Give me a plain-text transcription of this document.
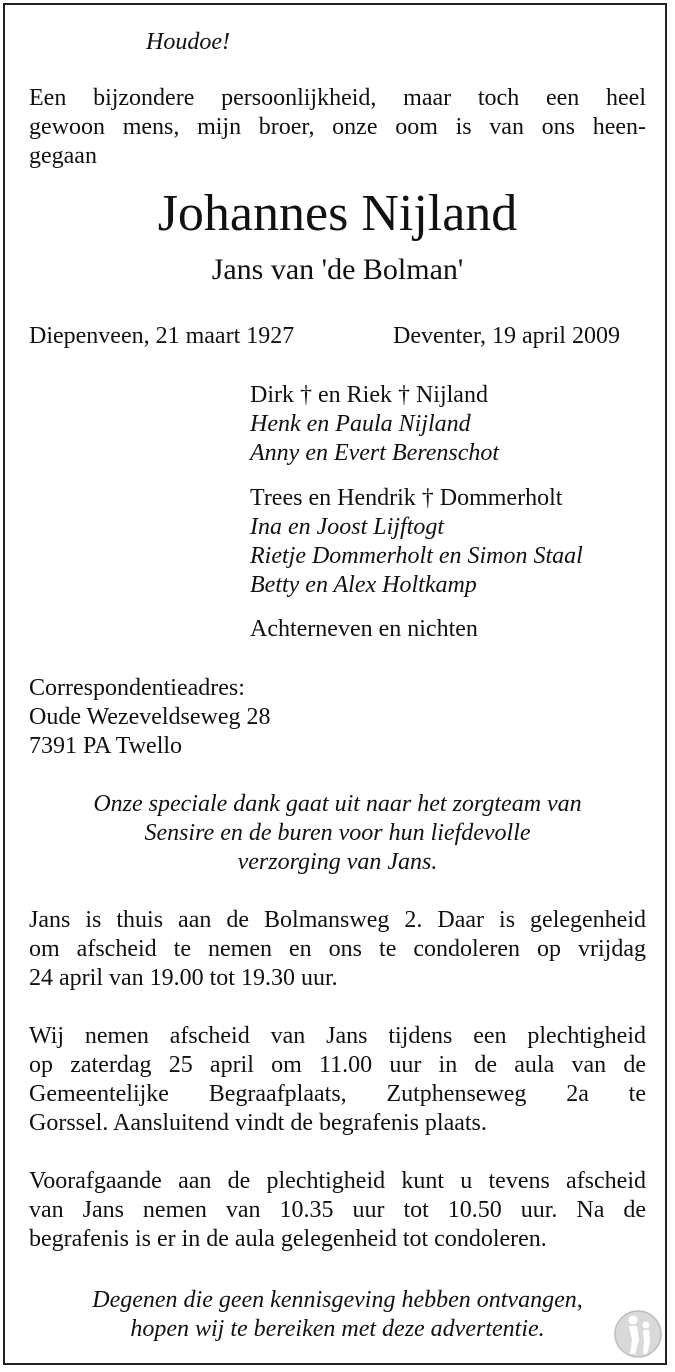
Houdoe!
Een bijzondere persoonlijkheid, maar toch een heel
gewoon mens, mijn broer, onze oom is van ons heen-
gegaan
Johannes Nijland
Jans van 'de Bolman'
Diepenveen, 21 maart 1927	Deventer, 19 april 2009
Dirk † en Riek † Nijland
Henk en Paula Nijland
Anny en Evert Berenschot
Trees en Hendrik † Dommerholt
Ina en Joost Lijftogt
Rietje Dommerholt en Simon Staal
Betty en Alex Holtkamp
Achterneven en nichten
Correspondentieadres:
Oude Wezeveldseweg 28
7391 PA Twello
Onze speciale dank gaat uit naar het zorgteam van
Sensire en de buren voor hun liefdevolle
verzorging van Jans.
Jans is thuis aan de Bolmansweg 2. Daar is gelegenheid
om afscheid te nemen en ons te condoleren op vrijdag
24 april van 19.00 tot 19.30 uur.
Wij nemen afscheid van Jans tijdens een plechtigheid
op zaterdag 25 april om 11.00 uur in de aula van de
Gemeentelijke Begraafplaats, Zutphenseweg 2a te
Gorssel. Aansluitend vindt de begrafenis plaats.
Voorafgaande aan de plechtigheid kunt u tevens afscheid
van Jans nemen van 10.35 uur tot 10.50 uur. Na de
begrafenis is er in de aula gelegenheid tot condoleren.
Degenen die geen kennisgeving hebben ontvangen,
hopen wij te bereiken met deze advertentie.
